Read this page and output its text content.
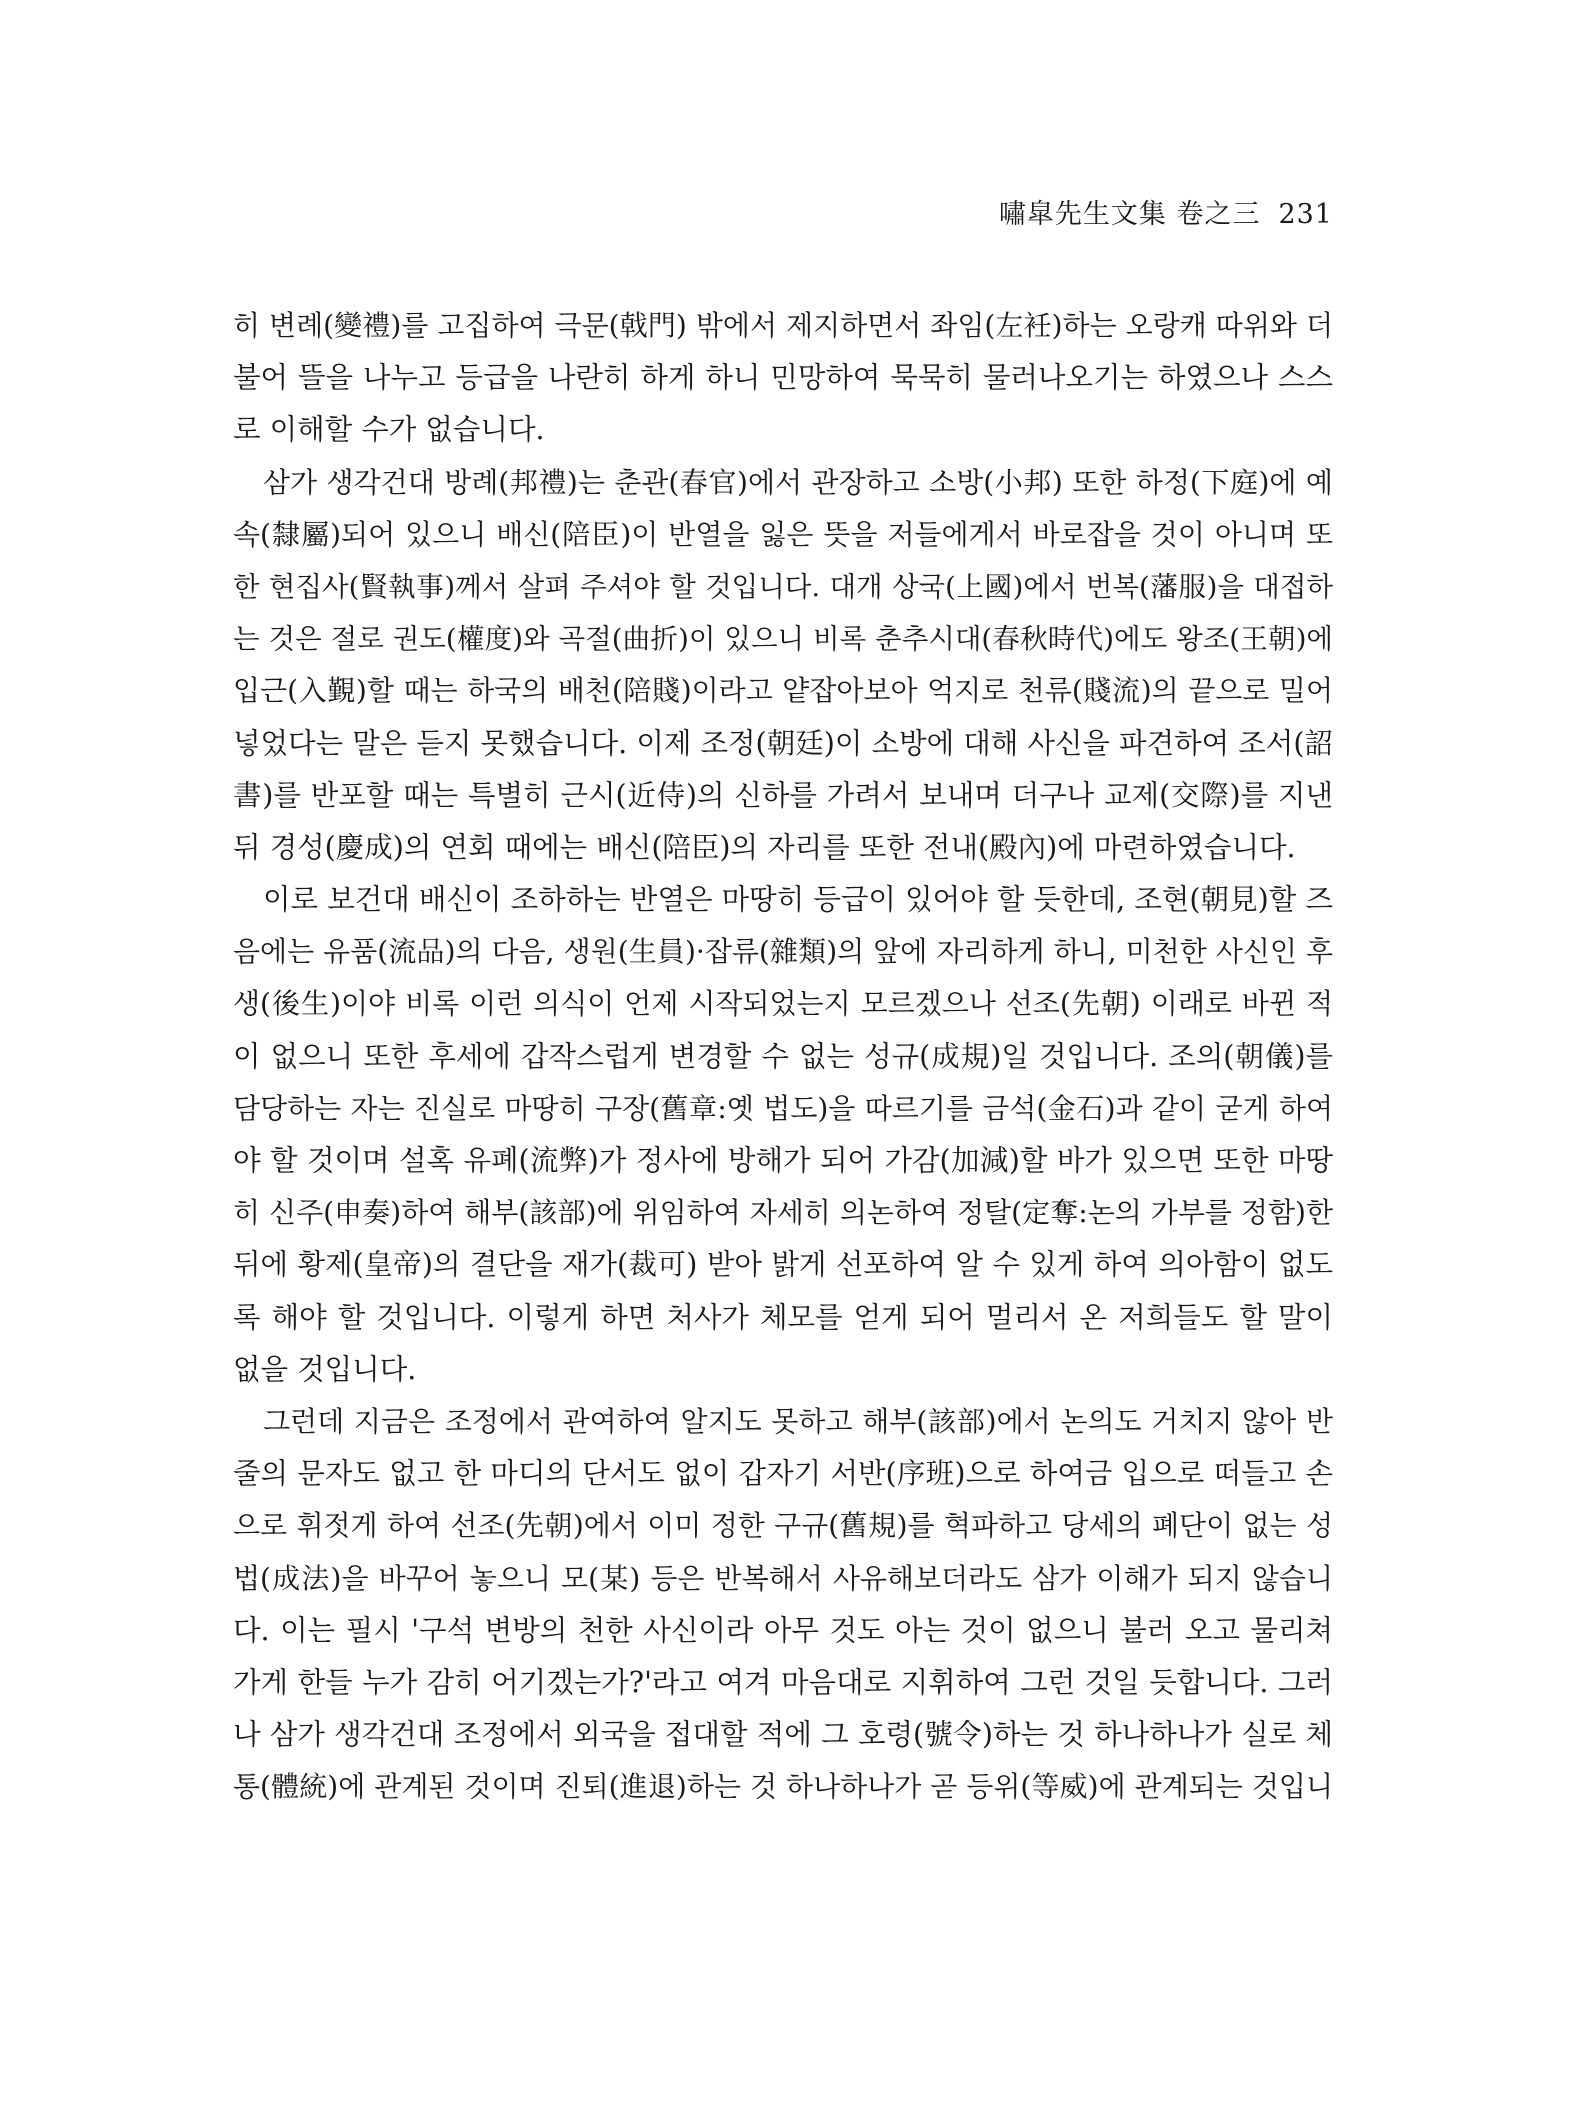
嘯皐先生文集 卷之三 231
히 변례(變禮)를 고집하여 극문(戟門) 밖에서 제지하면서 좌임(左衽)하는 오랑캐 따위와 더
불어 뜰을 나누고 등급을 나란히 하게 하니 민망하여 묵묵히 물러나오기는 하였으나 스스
로 이해할 수가 없습니다.
삼가 생각건대 방례(邦禮)는 춘관(春官)에서 관장하고 소방(小邦) 또한 하정(下庭)에 예
속(隸屬)되어 있으니 배신(陪臣)이 반열을 잃은 뜻을 저들에게서 바로잡을 것이 아니며 또
한 현집사(賢執事)께서 살펴 주셔야 할 것입니다. 대개 상국(上國)에서 번복(藩服)을 대접하
는 것은 절로 권도(權度)와 곡절(曲折)이 있으니 비록 춘추시대(春秋時代)에도 왕조(王朝)에
입근(入覲)할 때는 하국의 배천(陪賤)이라고 얕잡아보아 억지로 천류(賤流)의 끝으로 밀어
넣었다는 말은 듣지 못했습니다. 이제 조정(朝廷)이 소방에 대해 사신을 파견하여 조서(詔
書)를 반포할 때는 특별히 근시(近侍)의 신하를 가려서 보내며 더구나 교제(交際)를 지낸
뒤 경성(慶成)의 연회 때에는 배신(陪臣)의 자리를 또한 전내(殿內)에 마련하였습니다.
이로 보건대 배신이 조하하는 반열은 마땅히 등급이 있어야 할 듯한데, 조현(朝見)할 즈
음에는 유품(流品)의 다음, 생원(生員)·잡류(雜類)의 앞에 자리하게 하니, 미천한 사신인 후
생(後生)이야 비록 이런 의식이 언제 시작되었는지 모르겠으나 선조(先朝) 이래로 바뀐 적
이 없으니 또한 후세에 갑작스럽게 변경할 수 없는 성규(成規)일 것입니다. 조의(朝儀)를
담당하는 자는 진실로 마땅히 구장(舊章:옛 법도)을 따르기를 금석(金石)과 같이 굳게 하여
야 할 것이며 설혹 유폐(流弊)가 정사에 방해가 되어 가감(加減)할 바가 있으면 또한 마땅
히 신주(申奏)하여 해부(該部)에 위임하여 자세히 의논하여 정탈(定奪:논의 가부를 정함)한
뒤에 황제(皇帝)의 결단을 재가(裁可) 받아 밝게 선포하여 알 수 있게 하여 의아함이 없도
록 해야 할 것입니다. 이렇게 하면 처사가 체모를 얻게 되어 멀리서 온 저희들도 할 말이
없을 것입니다.
그런데 지금은 조정에서 관여하여 알지도 못하고 해부(該部)에서 논의도 거치지 않아 반
줄의 문자도 없고 한 마디의 단서도 없이 갑자기 서반(序班)으로 하여금 입으로 떠들고 손
으로 휘젓게 하여 선조(先朝)에서 이미 정한 구규(舊規)를 혁파하고 당세의 폐단이 없는 성
법(成法)을 바꾸어 놓으니 모(某) 등은 반복해서 사유해보더라도 삼가 이해가 되지 않습니
다. 이는 필시 '구석 변방의 천한 사신이라 아무 것도 아는 것이 없으니 불러 오고 물리쳐
가게 한들 누가 감히 어기겠는가?'라고 여겨 마음대로 지휘하여 그런 것일 듯합니다. 그러
나 삼가 생각건대 조정에서 외국을 접대할 적에 그 호령(號令)하는 것 하나하나가 실로 체
통(體統)에 관계된 것이며 진퇴(進退)하는 것 하나하나가 곧 등위(等威)에 관계되는 것입니
